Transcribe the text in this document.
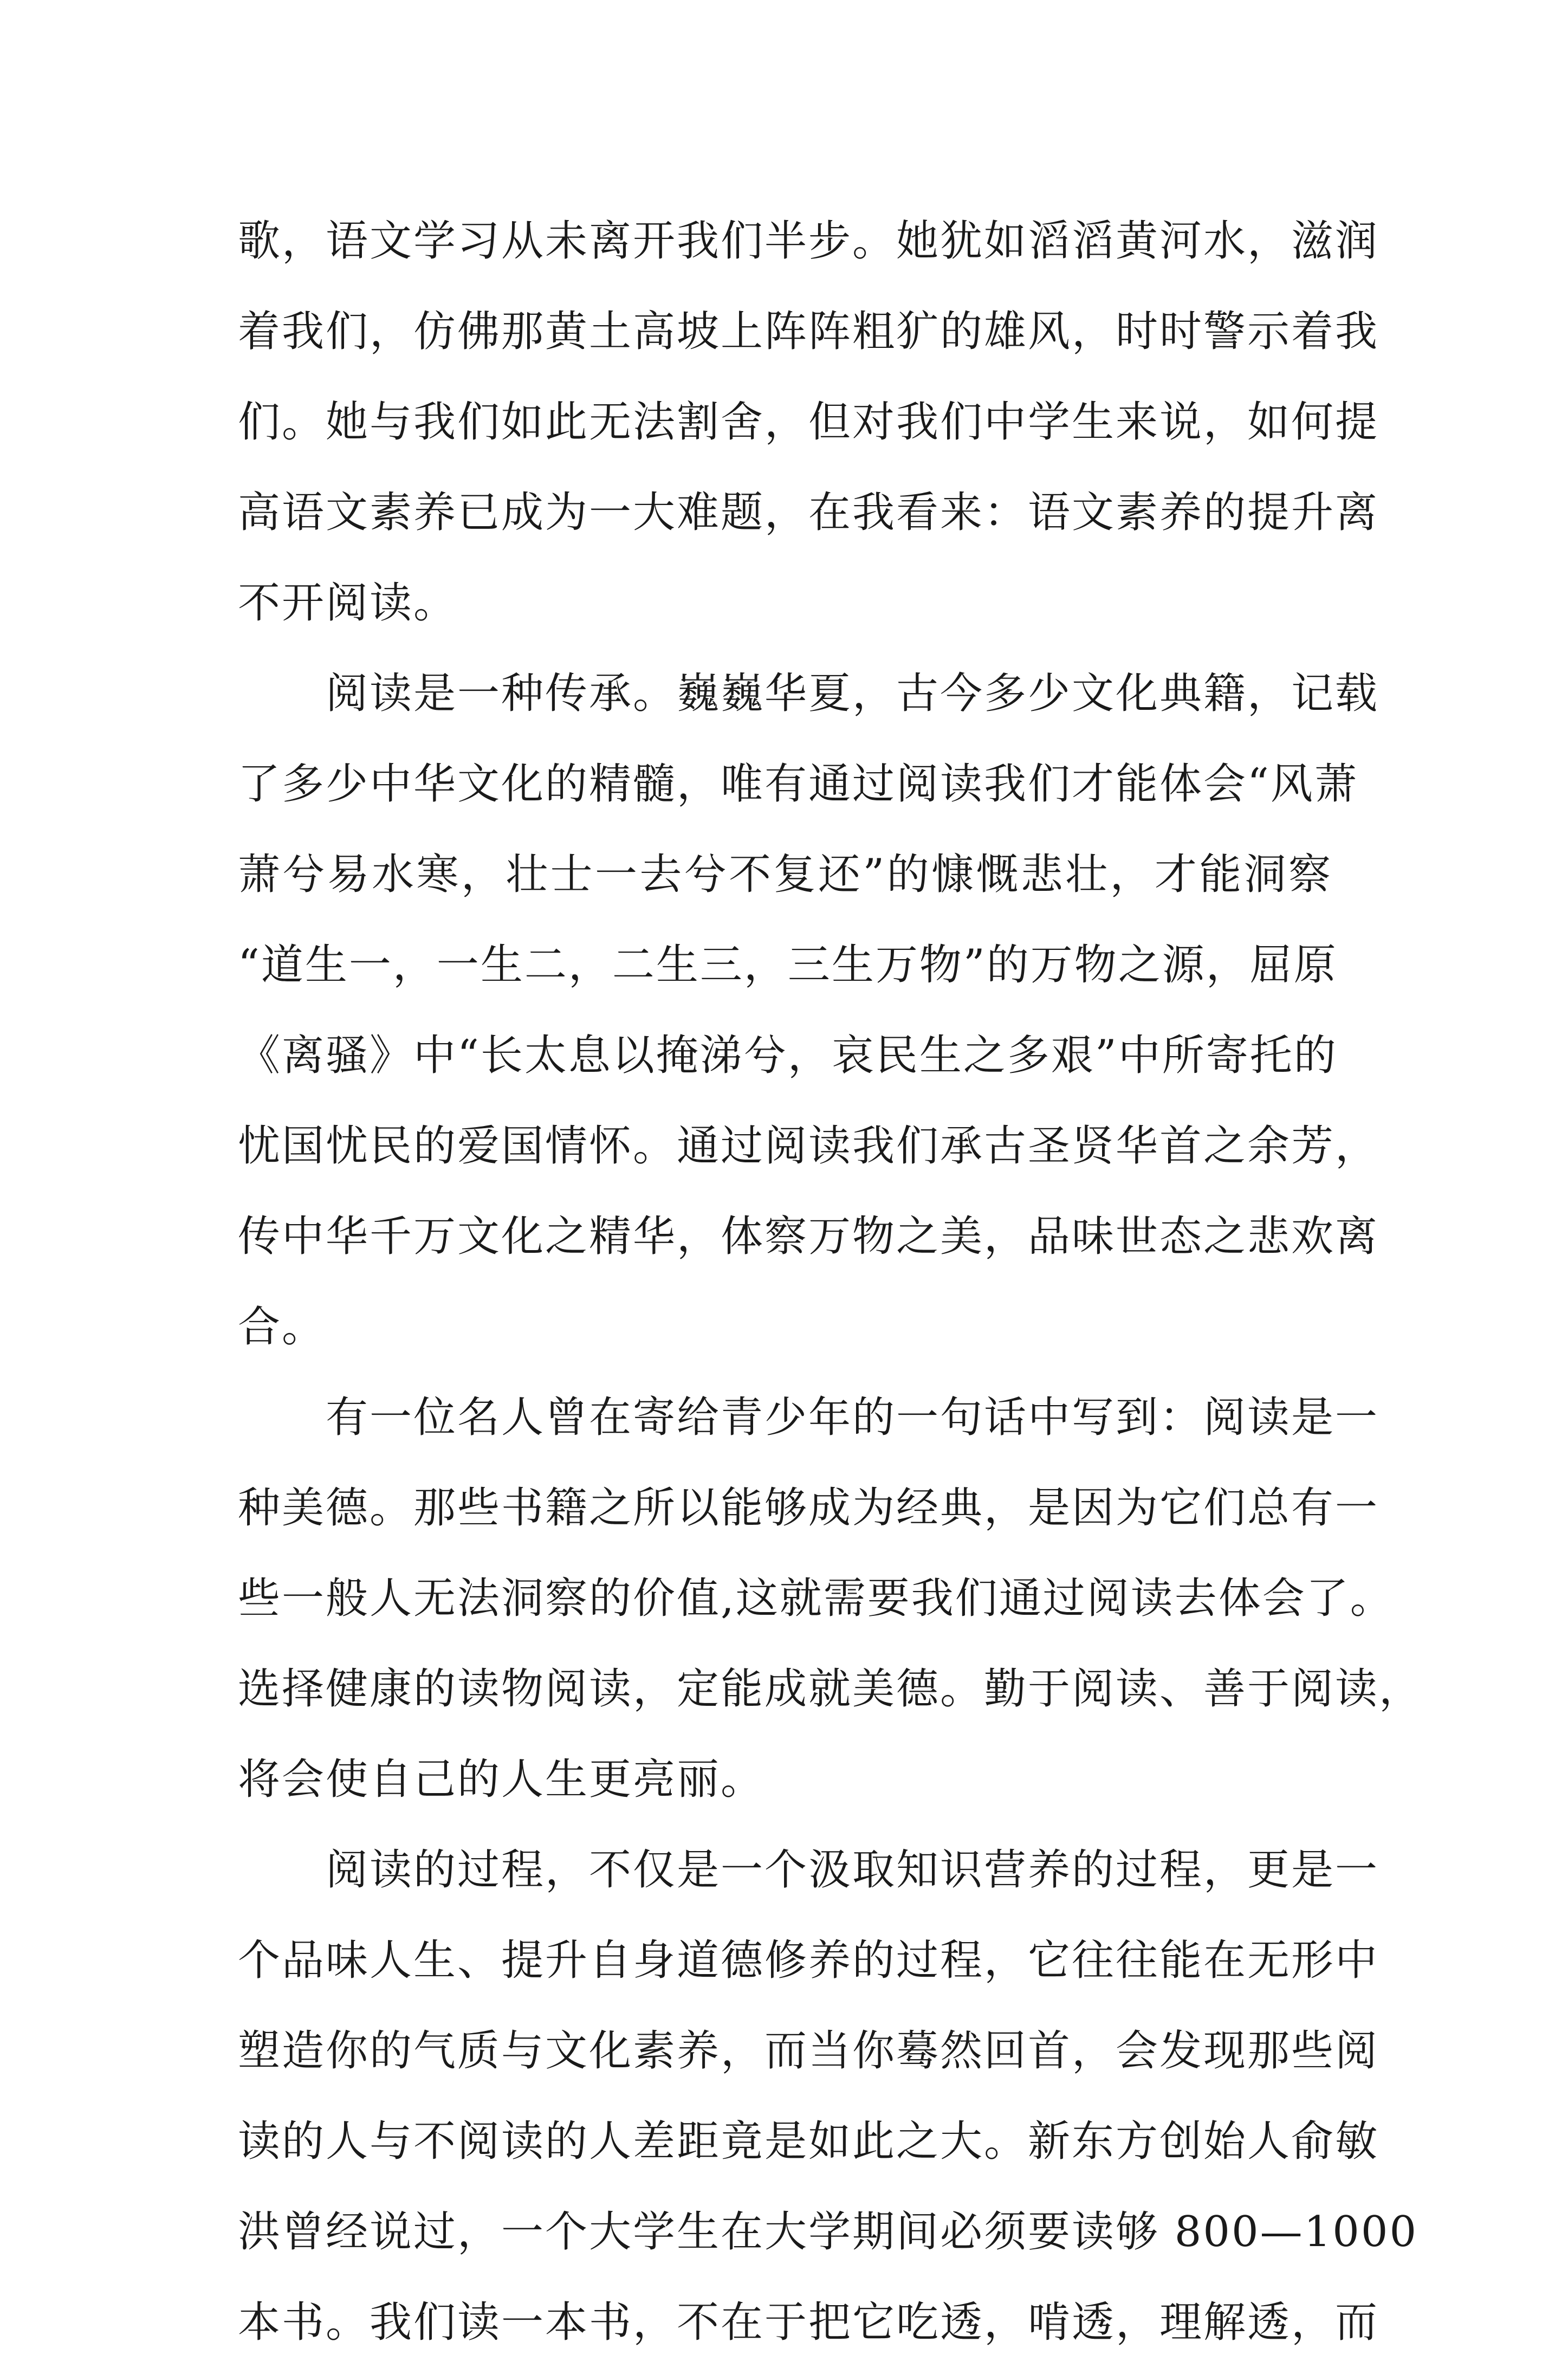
歌，语文学习从未离开我们半步。她犹如滔滔黄河水，滋润
着我们，仿佛那黄土高坡上阵阵粗犷的雄风，时时警示着我
们。她与我们如此无法割舍，但对我们中学生来说，如何提
高语文素养已成为一大难题，在我看来：语文素养的提升离
不开阅读。
　　阅读是一种传承。巍巍华夏，古今多少文化典籍，记载
了多少中华文化的精髓，唯有通过阅读我们才能体会“风萧
萧兮易水寒，壮士一去兮不复还”的慷慨悲壮，才能洞察
“道生一，一生二，二生三，三生万物”的万物之源，屈原
《离骚》中“长太息以掩涕兮，哀民生之多艰”中所寄托的
忧国忧民的爱国情怀。通过阅读我们承古圣贤华首之余芳，
传中华千万文化之精华，体察万物之美，品味世态之悲欢离
合。
　　有一位名人曾在寄给青少年的一句话中写到：阅读是一
种美德。那些书籍之所以能够成为经典，是因为它们总有一
些一般人无法洞察的价值,这就需要我们通过阅读去体会了。
选择健康的读物阅读，定能成就美德。勤于阅读、善于阅读，
将会使自己的人生更亮丽。
　　阅读的过程，不仅是一个汲取知识营养的过程，更是一
个品味人生、提升自身道德修养的过程，它往往能在无形中
塑造你的气质与文化素养，而当你蓦然回首，会发现那些阅
读的人与不阅读的人差距竟是如此之大。新东方创始人俞敏
洪曾经说过，一个大学生在大学期间必须要读够 800—1000
本书。我们读一本书，不在于把它吃透，啃透，理解透，而
